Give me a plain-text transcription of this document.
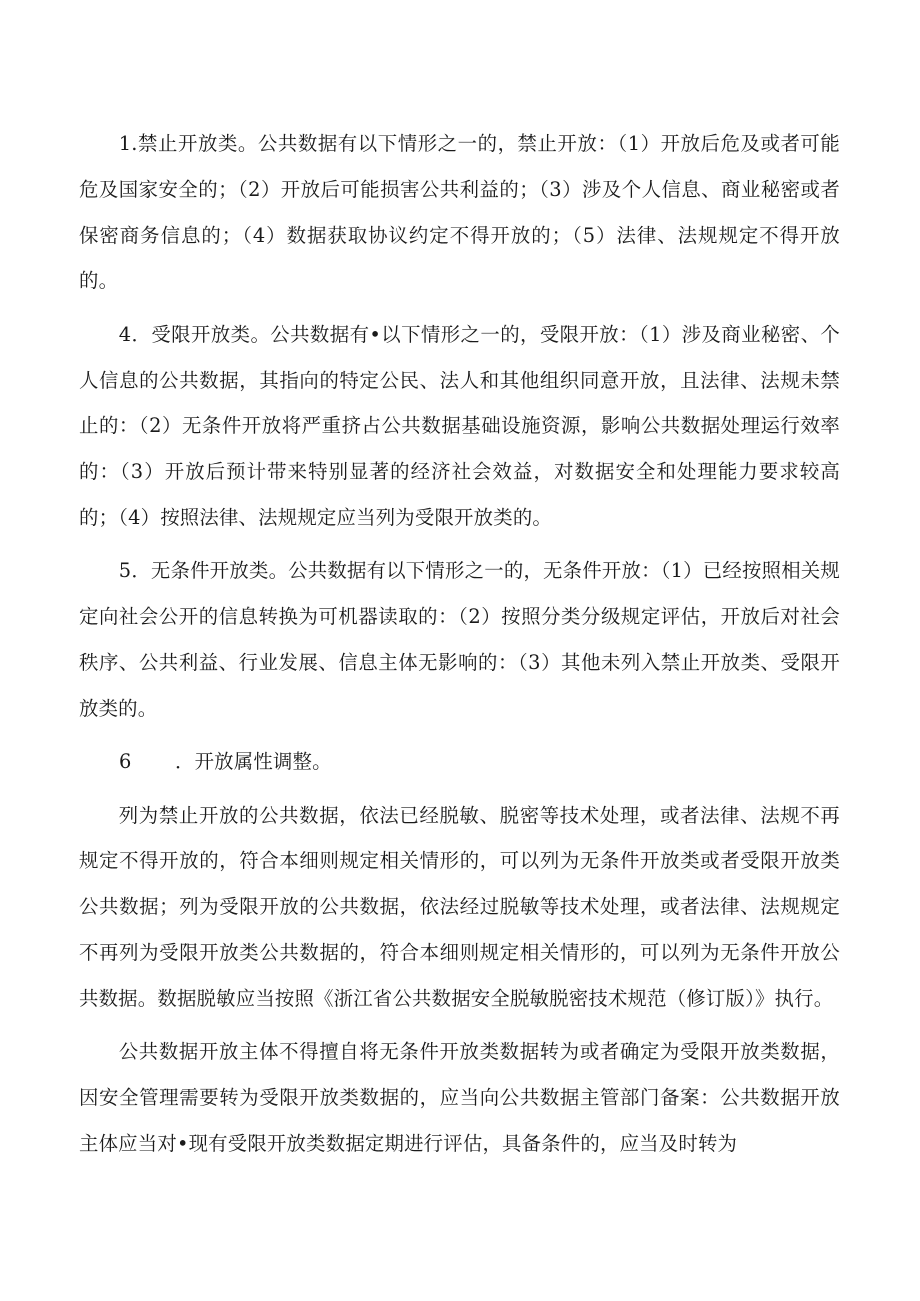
1.禁止开放类。公共数据有以下情形之一的，禁止开放：（1）开放后危及或者可能危及国家安全的；（2）开放后可能损害公共利益的；（3）涉及个人信息、商业秘密或者保密商务信息的；（4）数据获取协议约定不得开放的；（5）法律、法规规定不得开放的。

4．受限开放类。公共数据有•以下情形之一的，受限开放：（1）涉及商业秘密、个人信息的公共数据，其指向的特定公民、法人和其他组织同意开放，且法律、法规未禁止的：（2）无条件开放将严重挤占公共数据基础设施资源，影响公共数据处理运行效率的：（3）开放后预计带来特别显著的经济社会效益，对数据安全和处理能力要求较高的；（4）按照法律、法规规定应当列为受限开放类的。

5．无条件开放类。公共数据有以下情形之一的，无条件开放：（1）已经按照相关规定向社会公开的信息转换为可机器读取的：（2）按照分类分级规定评估，开放后对社会秩序、公共利益、行业发展、信息主体无影响的：（3）其他未列入禁止开放类、受限开放类的。

6 ．开放属性调整。

列为禁止开放的公共数据，依法已经脱敏、脱密等技术处理，或者法律、法规不再规定不得开放的，符合本细则规定相关情形的，可以列为无条件开放类或者受限开放类公共数据；列为受限开放的公共数据，依法经过脱敏等技术处理，或者法律、法规规定不再列为受限开放类公共数据的，符合本细则规定相关情形的，可以列为无条件开放公共数据。数据脱敏应当按照《浙江省公共数据安全脱敏脱密技术规范（修订版）》执行。

公共数据开放主体不得擅自将无条件开放类数据转为或者确定为受限开放类数据，因安全管理需要转为受限开放类数据的，应当向公共数据主管部门备案：公共数据开放主体应当对•现有受限开放类数据定期进行评估，具备条件的，应当及时转为
